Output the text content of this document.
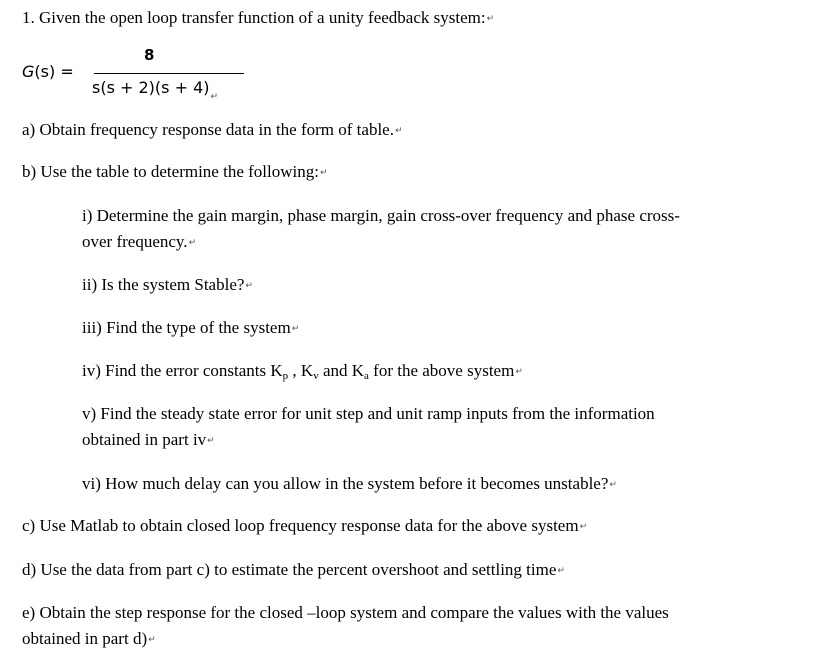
1. Given the open loop transfer function of a unity feedback system:↵
G(s) =
8
$s(s + 2)(s + 4)_↵$
a) Obtain frequency response data in the form of table.↵
b) Use the table to determine the following:↵
i) Determine the gain margin, phase margin, gain cross-over frequency and phase cross-
over frequency.↵
ii) Is the system Stable?↵
iii) Find the type of the system↵
iv) Find the error constants $K_p$ , $K_v$ and $K_a$ for the above system↵
v) Find the steady state error for unit step and unit ramp inputs from the information
obtained in part iv↵
vi) How much delay can you allow in the system before it becomes unstable?↵
c) Use Matlab to obtain closed loop frequency response data for the above system↵
d) Use the data from part c) to estimate the percent overshoot and settling time↵
e) Obtain the step response for the closed –loop system and compare the values with the values
obtained in part d)↵
